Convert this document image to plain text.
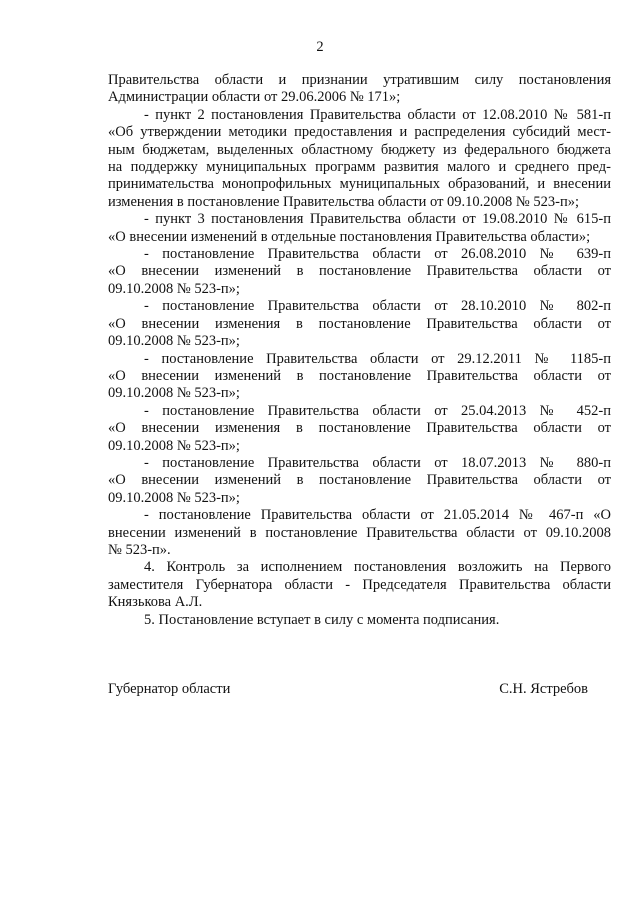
2
Правительства области и признании утратившим силу постановления
Администрации области от 29.06.2006 № 171»;
- пункт 2 постановления Правительства области от 12.08.2010 № 581-п
«Об утверждении методики предоставления и распределения субсидий мест-
ным бюджетам, выделенных областному бюджету из федерального бюджета
на поддержку муниципальных программ развития малого и среднего пред-
принимательства монопрофильных муниципальных образований, и внесении
изменения в постановление Правительства области от 09.10.2008 № 523-п»;
- пункт 3 постановления Правительства области от 19.08.2010 № 615-п
«О внесении изменений в отдельные постановления Правительства области»;
- постановление Правительства области от 26.08.2010 № 639-п
«О внесении изменений в постановление Правительства области от
09.10.2008 № 523-п»;
- постановление Правительства области от 28.10.2010 № 802-п
«О внесении изменения в постановление Правительства области от
09.10.2008 № 523-п»;
- постановление Правительства области от 29.12.2011 № 1185-п
«О внесении изменений в постановление Правительства области от
09.10.2008 № 523-п»;
- постановление Правительства области от 25.04.2013 № 452-п
«О внесении изменения в постановление Правительства области от
09.10.2008 № 523-п»;
- постановление Правительства области от 18.07.2013 № 880-п
«О внесении изменений в постановление Правительства области от
09.10.2008 № 523-п»;
- постановление Правительства области от 21.05.2014 № 467-п «О
внесении изменений в постановление Правительства области от 09.10.2008
№ 523-п».
4. Контроль за исполнением постановления возложить на Первого
заместителя Губернатора области - Председателя Правительства области
Князькова А.Л.
5. Постановление вступает в силу с момента подписания.
Губернатор области	С.Н. Ястребов
